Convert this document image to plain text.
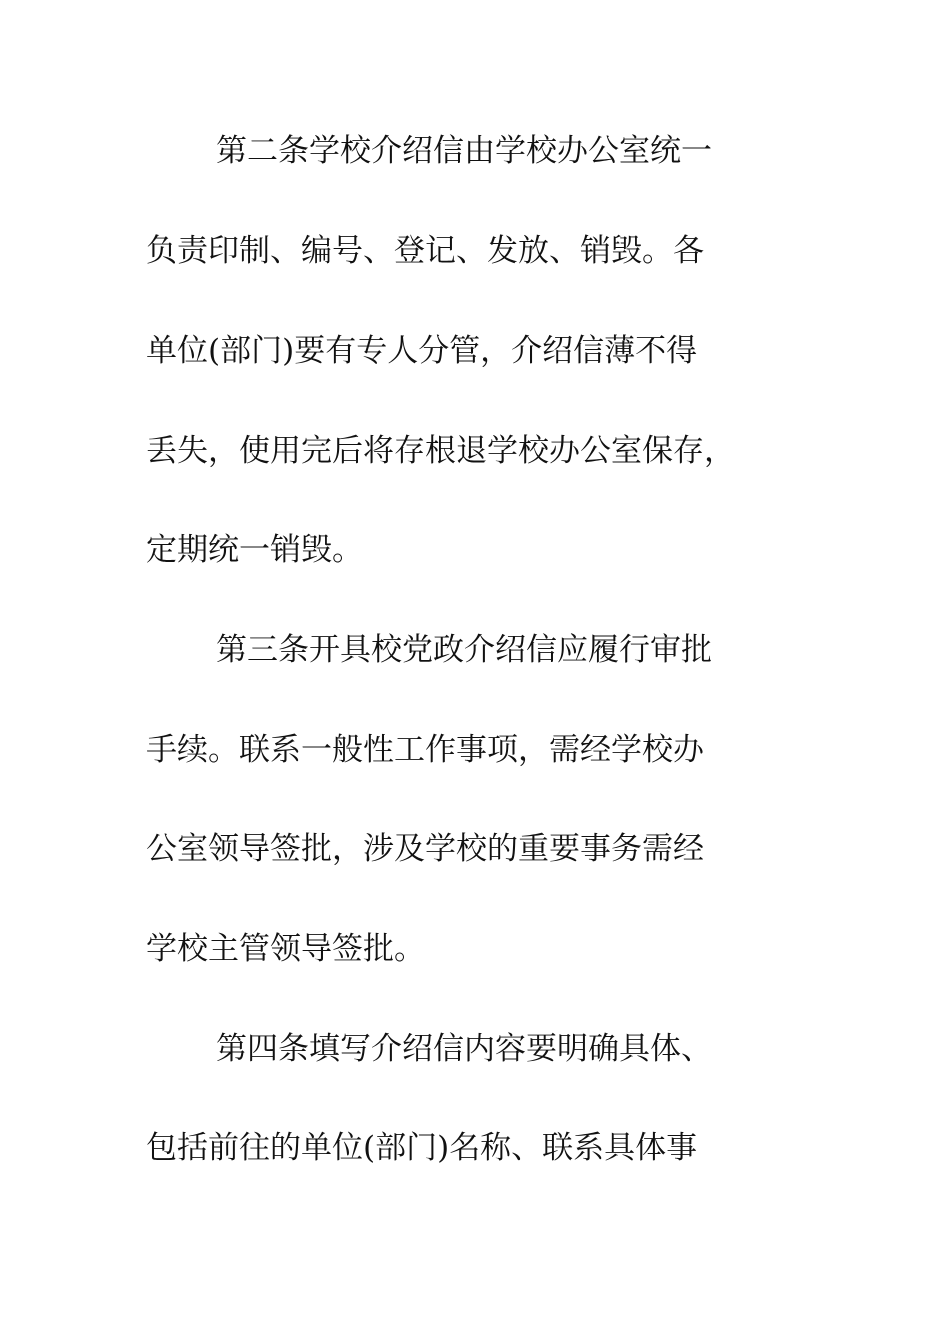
第二条学校介绍信由学校办公室统一
负责印制、编号、登记、发放、销毁。各
单位(部门)要有专人分管，介绍信薄不得
丢失，使用完后将存根退学校办公室保存，
定期统一销毁。
第三条开具校党政介绍信应履行审批
手续。联系一般性工作事项，需经学校办
公室领导签批，涉及学校的重要事务需经
学校主管领导签批。
第四条填写介绍信内容要明确具体、
包括前往的单位(部门)名称、联系具体事
